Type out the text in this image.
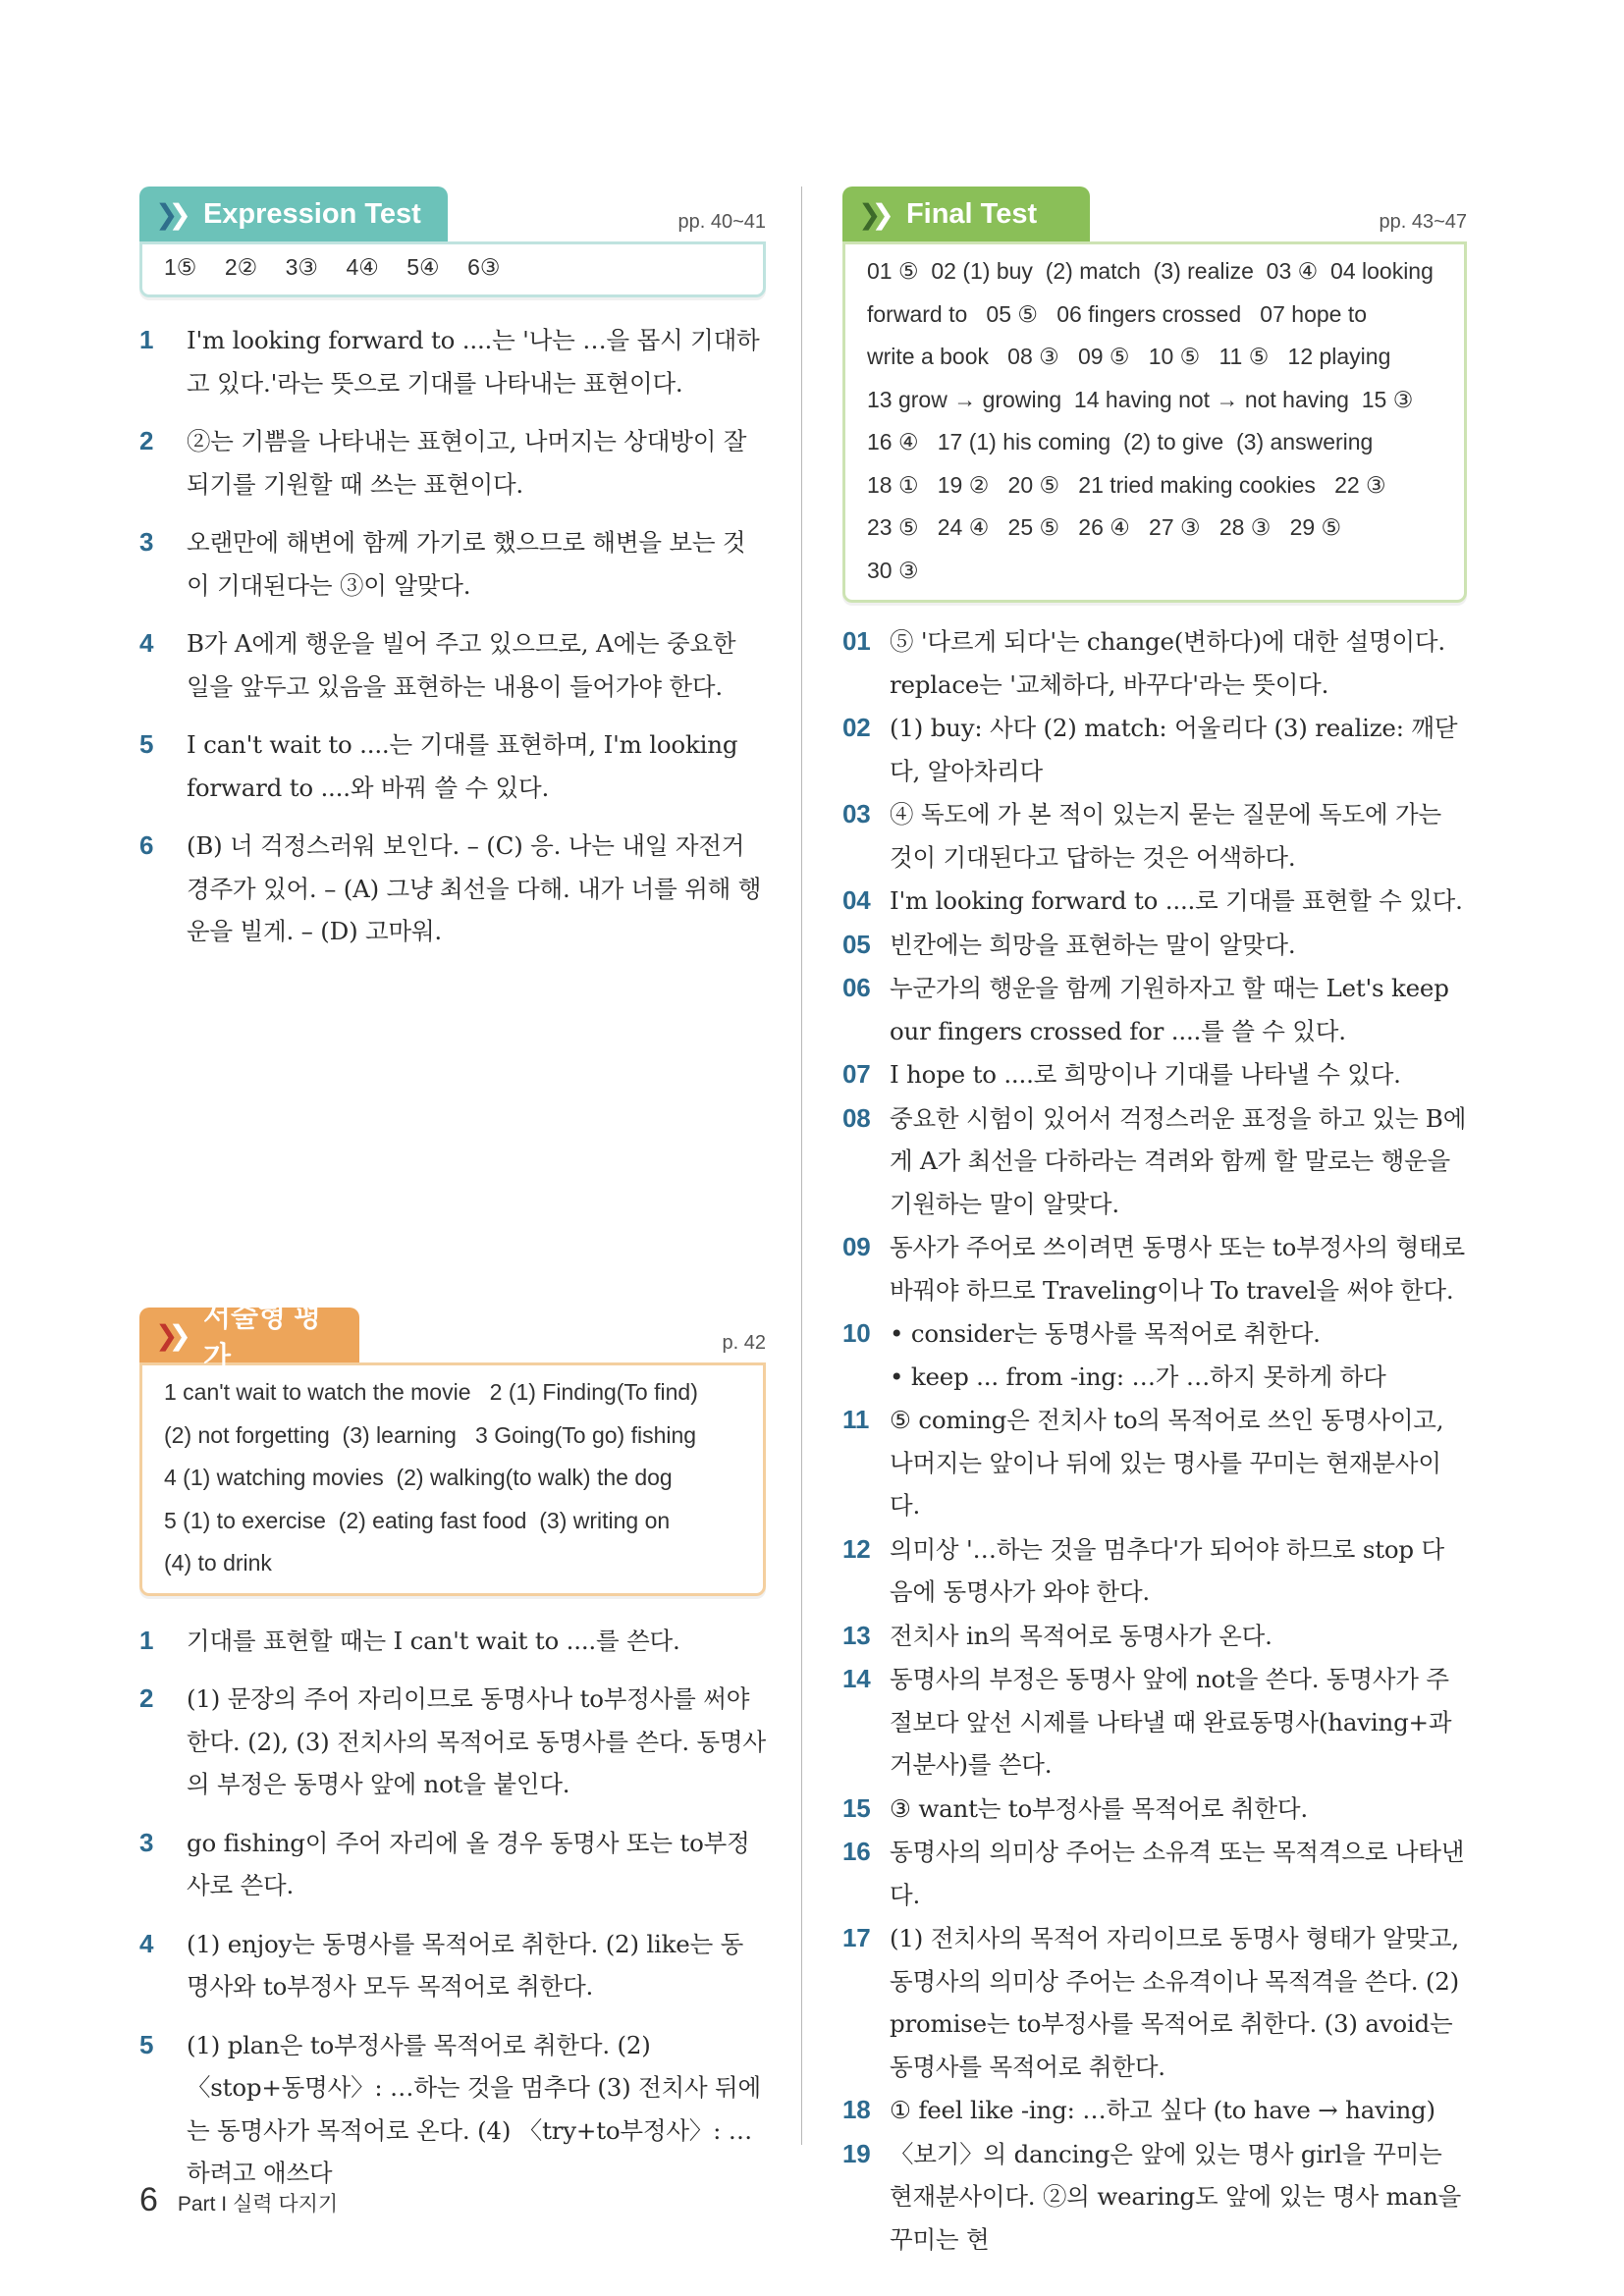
❯❯ Expression Test	pp. 40~41
1⑤ 2② 3③ 4④ 5④ 6③
1	I'm looking forward to ....는 '나는 …을 몹시 기대하고 있다.'라는 뜻으로 기대를 나타내는 표현이다.
2	②는 기쁨을 나타내는 표현이고, 나머지는 상대방이 잘되기를 기원할 때 쓰는 표현이다.
3	오랜만에 해변에 함께 가기로 했으므로 해변을 보는 것이 기대된다는 ③이 알맞다.
4	B가 A에게 행운을 빌어 주고 있으므로, A에는 중요한 일을 앞두고 있음을 표현하는 내용이 들어가야 한다.
5	I can't wait to ....는 기대를 표현하며, I'm looking forward to ....와 바꿔 쓸 수 있다.
6	(B) 너 걱정스러워 보인다. – (C) 응. 나는 내일 자전거 경주가 있어. – (A) 그냥 최선을 다해. 내가 너를 위해 행운을 빌게. – (D) 고마워.
❯❯
서술형 평가	p. 42
1 can't wait to watch the movie   2 (1) Finding(To find)
(2) not forgetting  (3) learning   3 Going(To go) fishing
4 (1) watching movies  (2) walking(to walk) the dog
5 (1) to exercise  (2) eating fast food  (3) writing on
(4) to drink
1	기대를 표현할 때는 I can't wait to ....를 쓴다.
2	(1) 문장의 주어 자리이므로 동명사나 to부정사를 써야 한다. (2), (3) 전치사의 목적어로 동명사를 쓴다. 동명사의 부정은 동명사 앞에 not을 붙인다.
3	go fishing이 주어 자리에 올 경우 동명사 또는 to부정사로 쓴다.
4	(1) enjoy는 동명사를 목적어로 취한다. (2) like는 동명사와 to부정사 모두 목적어로 취한다.
5	(1) plan은 to부정사를 목적어로 취한다. (2) 〈stop+동명사〉: …하는 것을 멈추다 (3) 전치사 뒤에는 동명사가 목적어로 온다. (4) 〈try+to부정사〉: …하려고 애쓰다
❯❯ Final Test	pp. 43~47
01 ⑤  02 (1) buy  (2) match  (3) realize  03 ④  04 looking
forward to   05 ⑤   06 fingers crossed   07 hope to
write a book   08 ③   09 ⑤   10 ⑤   11 ⑤   12 playing
13 grow → growing  14 having not → not having  15 ③
16 ④   17 (1) his coming  (2) to give  (3) answering
18 ①   19 ②   20 ⑤   21 tried making cookies   22 ③
23 ⑤   24 ④   25 ⑤   26 ④   27 ③   28 ③   29 ⑤
30 ③
01 ⑤ '다르게 되다'는 change(변하다)에 대한 설명이다. replace는 '교체하다, 바꾸다'라는 뜻이다.
02 (1) buy: 사다 (2) match: 어울리다 (3) realize: 깨닫다, 알아차리다
03 ④ 독도에 가 본 적이 있는지 묻는 질문에 독도에 가는 것이 기대된다고 답하는 것은 어색하다.
04 I'm looking forward to ....로 기대를 표현할 수 있다.
05 빈칸에는 희망을 표현하는 말이 알맞다.
06 누군가의 행운을 함께 기원하자고 할 때는 Let's keep our fingers crossed for ....를 쓸 수 있다.
07 I hope to ....로 희망이나 기대를 나타낼 수 있다.
08 중요한 시험이 있어서 걱정스러운 표정을 하고 있는 B에게 A가 최선을 다하라는 격려와 함께 할 말로는 행운을 기원하는 말이 알맞다.
09 동사가 주어로 쓰이려면 동명사 또는 to부정사의 형태로 바꿔야 하므로 Traveling이나 To travel을 써야 한다.
10 • consider는 동명사를 목적어로 취한다.
• keep ... from -ing: …가 …하지 못하게 하다
11 ⑤ coming은 전치사 to의 목적어로 쓰인 동명사이고, 나머지는 앞이나 뒤에 있는 명사를 꾸미는 현재분사이다.
12 의미상 '…하는 것을 멈추다'가 되어야 하므로 stop 다음에 동명사가 와야 한다.
13 전치사 in의 목적어로 동명사가 온다.
14 동명사의 부정은 동명사 앞에 not을 쓴다. 동명사가 주절보다 앞선 시제를 나타낼 때 완료동명사(having+과거분사)를 쓴다.
15 ③ want는 to부정사를 목적어로 취한다.
16 동명사의 의미상 주어는 소유격 또는 목적격으로 나타낸다.
17 (1) 전치사의 목적어 자리이므로 동명사 형태가 알맞고, 동명사의 의미상 주어는 소유격이나 목적격을 쓴다. (2) promise는 to부정사를 목적어로 취한다. (3) avoid는 동명사를 목적어로 취한다.
18 ① feel like -ing: …하고 싶다 (to have → having)
19 〈보기〉의 dancing은 앞에 있는 명사 girl을 꾸미는 현재분사이다. ②의 wearing도 앞에 있는 명사 man을 꾸미는 현
6 Part I 실력 다지기
